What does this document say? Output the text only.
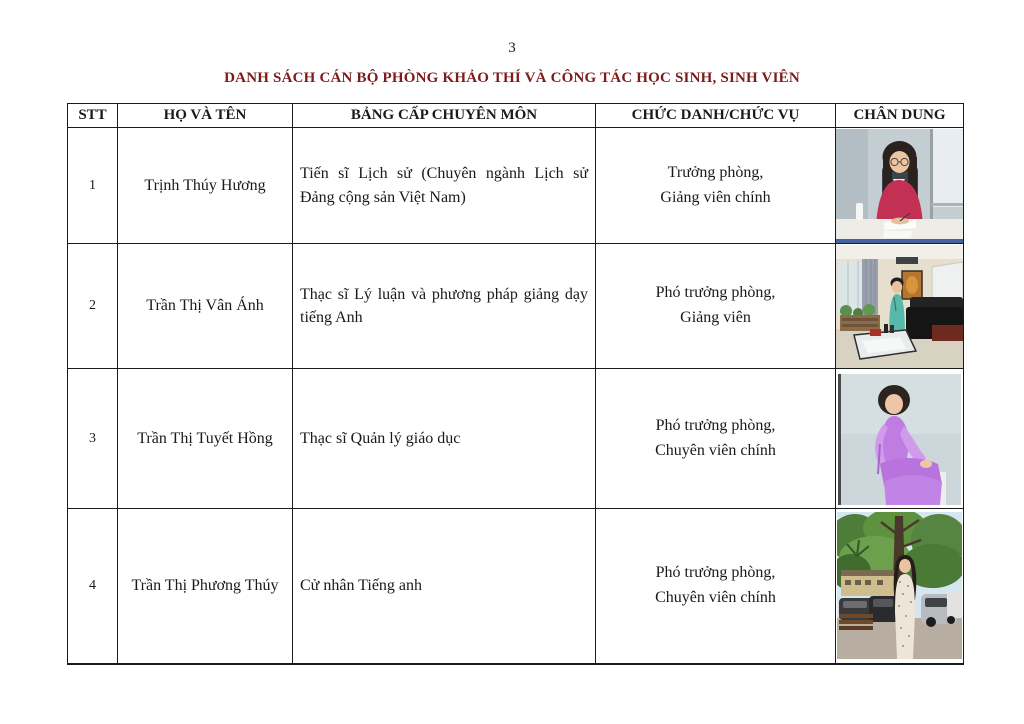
3
DANH SÁCH CÁN BỘ PHÒNG KHẢO THÍ VÀ CÔNG TÁC HỌC SINH, SINH VIÊN
STT	HỌ VÀ TÊN	BẢNG CẤP CHUYÊN MÔN	CHỨC DANH/CHỨC VỤ	CHÂN DUNG
1	Trịnh Thúy Hương	Tiến sĩ Lịch sử (Chuyên ngành Lịch sử Đảng cộng sản Việt Nam)	Trưởng phòng,
Giảng viên chính

2	Trần Thị Vân Ánh	Thạc sĩ Lý luận và phương pháp giảng dạy tiếng Anh	Phó trưởng phòng,
Giảng viên

3	Trần Thị Tuyết Hồng	Thạc sĩ Quản lý giáo dục	Phó trưởng phòng,
Chuyên viên chính

4	Trần Thị Phương Thúy	Cử nhân Tiếng anh	Phó trưởng phòng,
Chuyên viên chính
